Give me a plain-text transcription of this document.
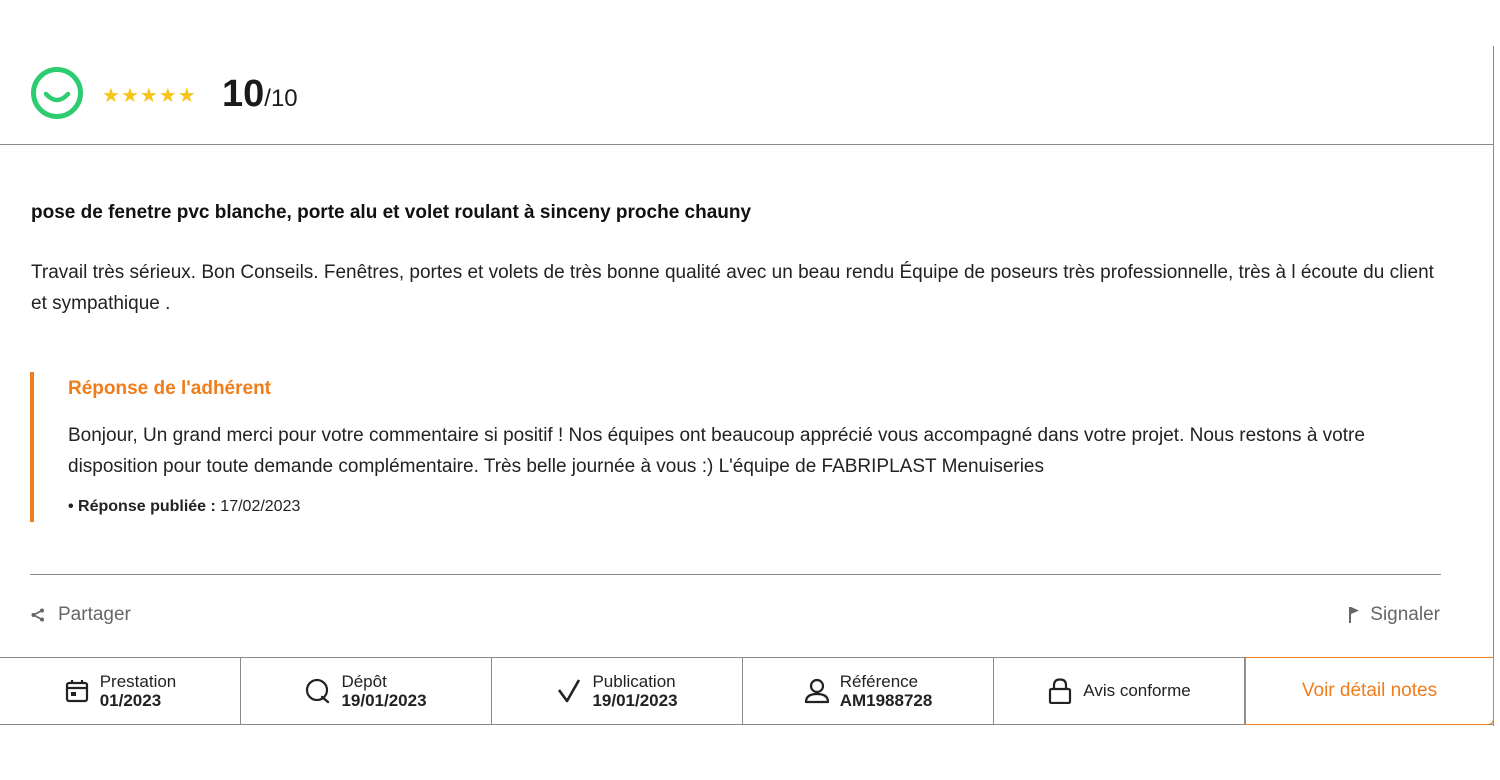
★ ★ ★ ★ ★ 10/10
pose de fenetre pvc blanche, porte alu et volet roulant à sinceny proche chauny
Travail très sérieux. Bon Conseils. Fenêtres, portes et volets de très bonne qualité avec un beau rendu Équipe de poseurs très professionnelle, très à l écoute du client et sympathique .
Réponse de l'adhérent
Bonjour, Un grand merci pour votre commentaire si positif ! Nos équipes ont beaucoup apprécié vous accompagné dans votre projet. Nous restons à votre disposition pour toute demande complémentaire. Très belle journée à vous :) L'équipe de FABRIPLAST Menuiseries
• Réponse publiée : 17/02/2023
Partager	Signaler
Prestation
01/2023
Dépôt
19/01/2023
Publication
19/01/2023
Référence
AM1988728
Avis conforme	Voir détail notes
